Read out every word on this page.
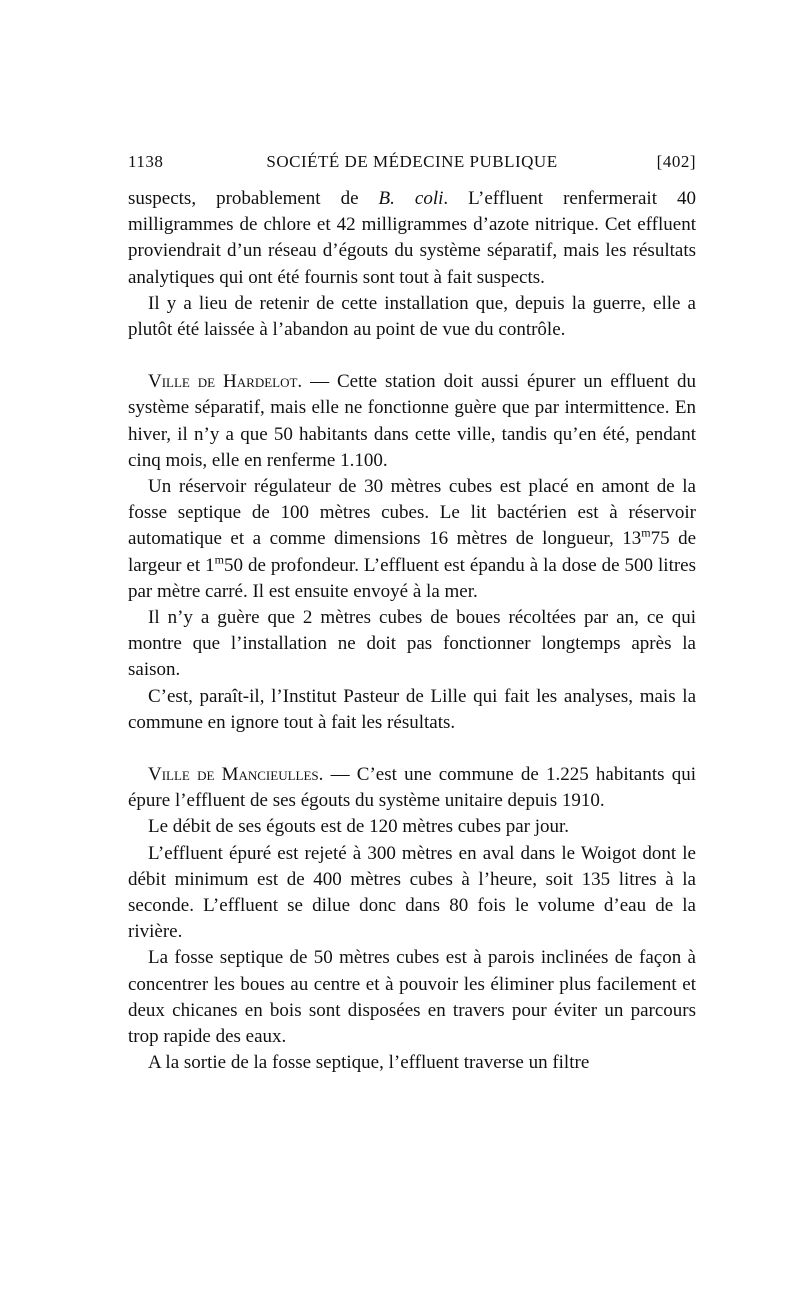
1138	SOCIÉTÉ DE MÉDECINE PUBLIQUE	[402]

suspects, probablement de B. coli. L’effluent renfermerait 40 milligrammes de chlore et 42 milligrammes d’azote nitrique. Cet effluent proviendrait d’un réseau d’égouts du système séparatif, mais les résultats analytiques qui ont été fournis sont tout à fait suspects.

Il y a lieu de retenir de cette installation que, depuis la guerre, elle a plutôt été laissée à l’abandon au point de vue du contrôle.

Ville de Hardelot. — Cette station doit aussi épurer un effluent du système séparatif, mais elle ne fonctionne guère que par intermittence. En hiver, il n’y a que 50 habitants dans cette ville, tandis qu’en été, pendant cinq mois, elle en renferme 1.100.

Un réservoir régulateur de 30 mètres cubes est placé en amont de la fosse septique de 100 mètres cubes. Le lit bactérien est à réservoir automatique et a comme dimensions 16 mètres de longueur, 13$^m$75 de largeur et 1$^m$50 de profondeur. L’effluent est épandu à la dose de 500 litres par mètre carré. Il est ensuite envoyé à la mer.

Il n’y a guère que 2 mètres cubes de boues récoltées par an, ce qui montre que l’installation ne doit pas fonctionner longtemps après la saison.

C’est, paraît-il, l’Institut Pasteur de Lille qui fait les analyses, mais la commune en ignore tout à fait les résultats.

Ville de Mancieulles. — C’est une commune de 1.225 habitants qui épure l’effluent de ses égouts du système unitaire depuis 1910.

Le débit de ses égouts est de 120 mètres cubes par jour.

L’effluent épuré est rejeté à 300 mètres en aval dans le Woigot dont le débit minimum est de 400 mètres cubes à l’heure, soit 135 litres à la seconde. L’effluent se dilue donc dans 80 fois le volume d’eau de la rivière.

La fosse septique de 50 mètres cubes est à parois inclinées de façon à concentrer les boues au centre et à pouvoir les éliminer plus facilement et deux chicanes en bois sont disposées en travers pour éviter un parcours trop rapide des eaux.

A la sortie de la fosse septique, l’effluent traverse un filtre
